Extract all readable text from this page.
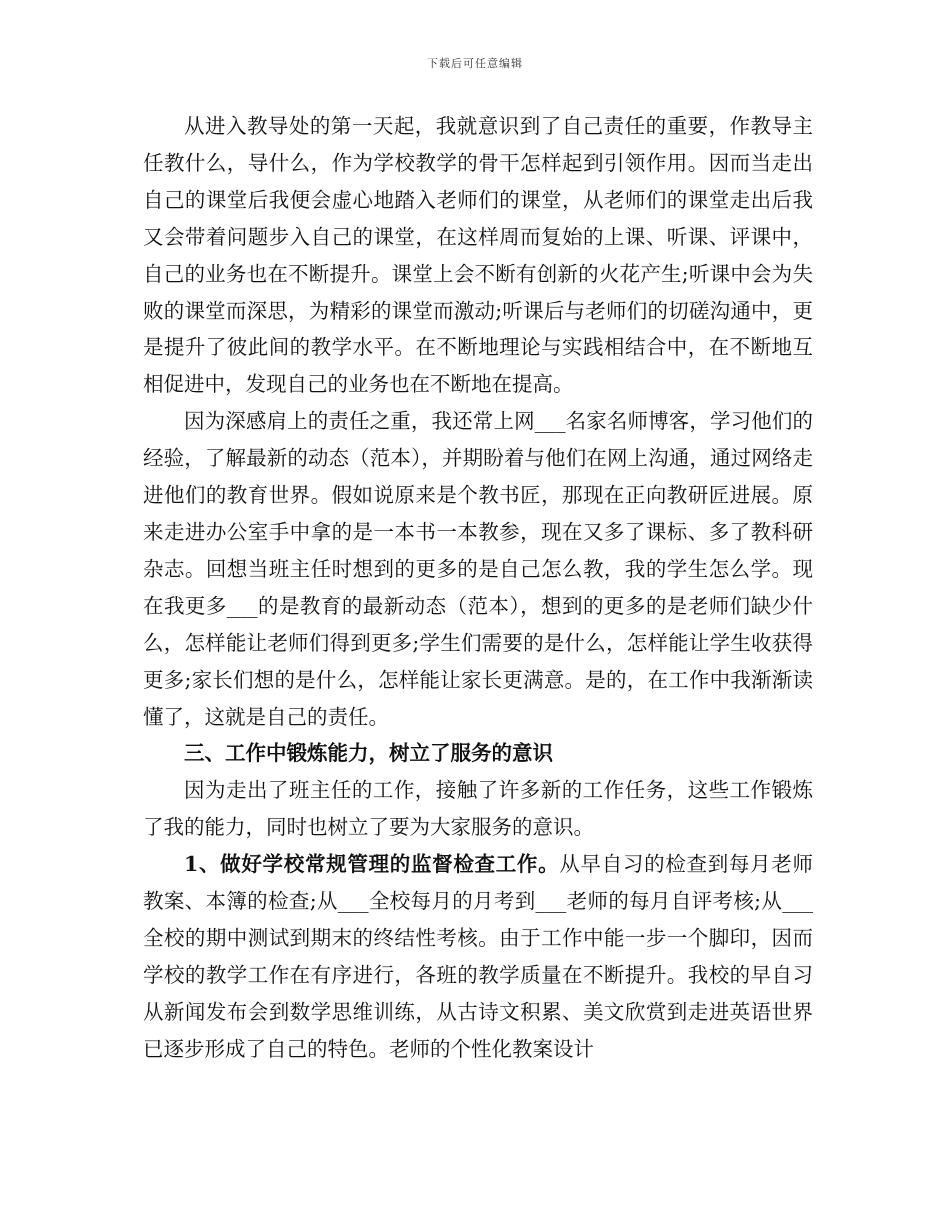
下载后可任意编辑

从进入教导处的第一天起，我就意识到了自己责任的重要，作教导主任教什么，导什么，作为学校教学的骨干怎样起到引领作用。因而当走出自己的课堂后我便会虚心地踏入老师们的课堂，从老师们的课堂走出后我又会带着问题步入自己的课堂，在这样周而复始的上课、听课、评课中，自己的业务也在不断提升。课堂上会不断有创新的火花产生;听课中会为失败的课堂而深思，为精彩的课堂而激动;听课后与老师们的切磋沟通中，更是提升了彼此间的教学水平。在不断地理论与实践相结合中，在不断地互相促进中，发现自己的业务也在不断地在提高。

因为深感肩上的责任之重，我还常上网___名家名师博客，学习他们的经验，了解最新的动态（范本），并期盼着与他们在网上沟通，通过网络走进他们的教育世界。假如说原来是个教书匠，那现在正向教研匠进展。原来走进办公室手中拿的是一本书一本教参，现在又多了课标、多了教科研杂志。回想当班主任时想到的更多的是自己怎么教，我的学生怎么学。现在我更多___的是教育的最新动态（范本），想到的更多的是老师们缺少什么，怎样能让老师们得到更多;学生们需要的是什么，怎样能让学生收获得更多;家长们想的是什么，怎样能让家长更满意。是的，在工作中我渐渐读懂了，这就是自己的责任。

三、工作中锻炼能力，树立了服务的意识

因为走出了班主任的工作，接触了许多新的工作任务，这些工作锻炼了我的能力，同时也树立了要为大家服务的意识。

1、做好学校常规管理的监督检查工作。从早自习的检查到每月老师教案、本簿的检查;从___全校每月的月考到___老师的每月自评考核;从___全校的期中测试到期末的终结性考核。由于工作中能一步一个脚印，因而学校的教学工作在有序进行，各班的教学质量在不断提升。我校的早自习从新闻发布会到数学思维训练，从古诗文积累、美文欣赏到走进英语世界已逐步形成了自己的特色。老师的个性化教案设计
